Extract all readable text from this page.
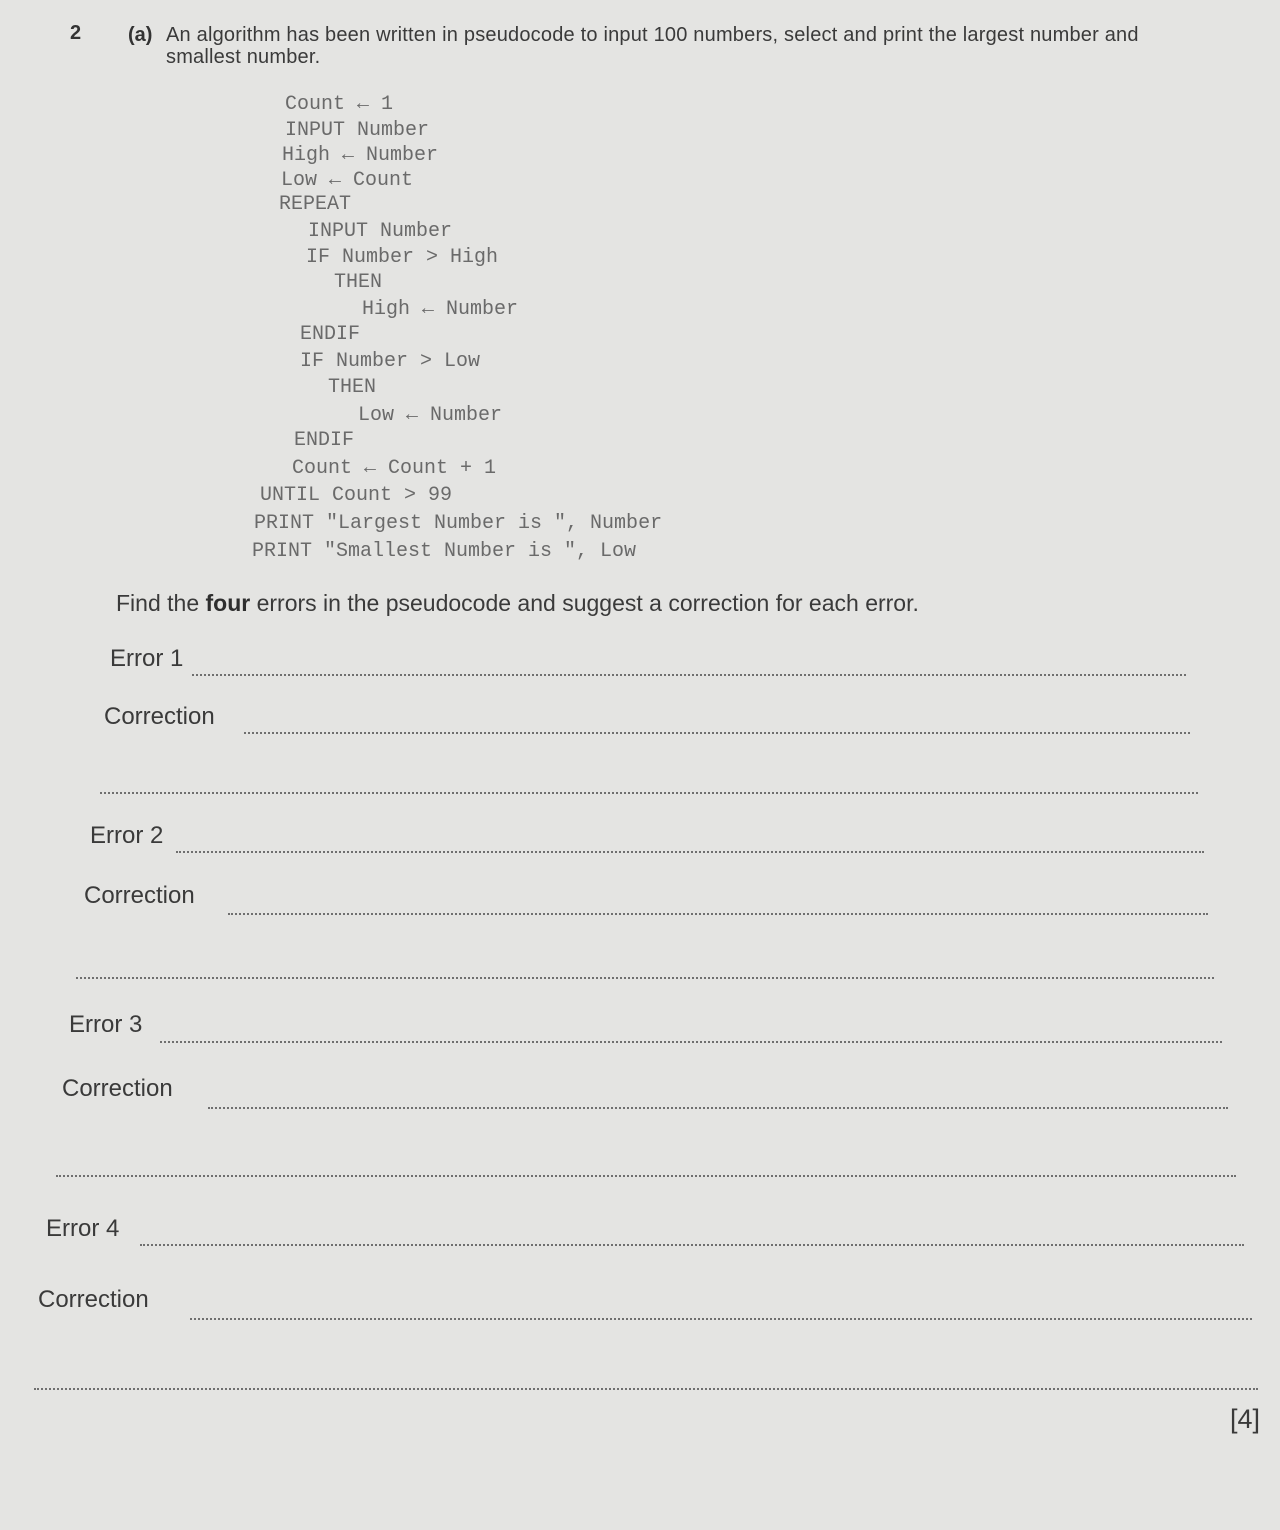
2 (a) An algorithm has been written in pseudocode to input 100 numbers, select and print the largest number and smallest number.
Count ← 1
INPUT Number
High ← Number
Low ← Count
REPEAT
INPUT Number
IF Number > High
THEN
High ← Number
ENDIF
IF Number > Low
THEN
Low ← Number
ENDIF
Count ← Count + 1
UNTIL Count > 99
PRINT "Largest Number is ", Number
PRINT "Smallest Number is ", Low
Find the four errors in the pseudocode and suggest a correction for each error.
Error 1
Correction
Error 2
Correction
Error 3
Correction
Error 4
Correction
[4]
